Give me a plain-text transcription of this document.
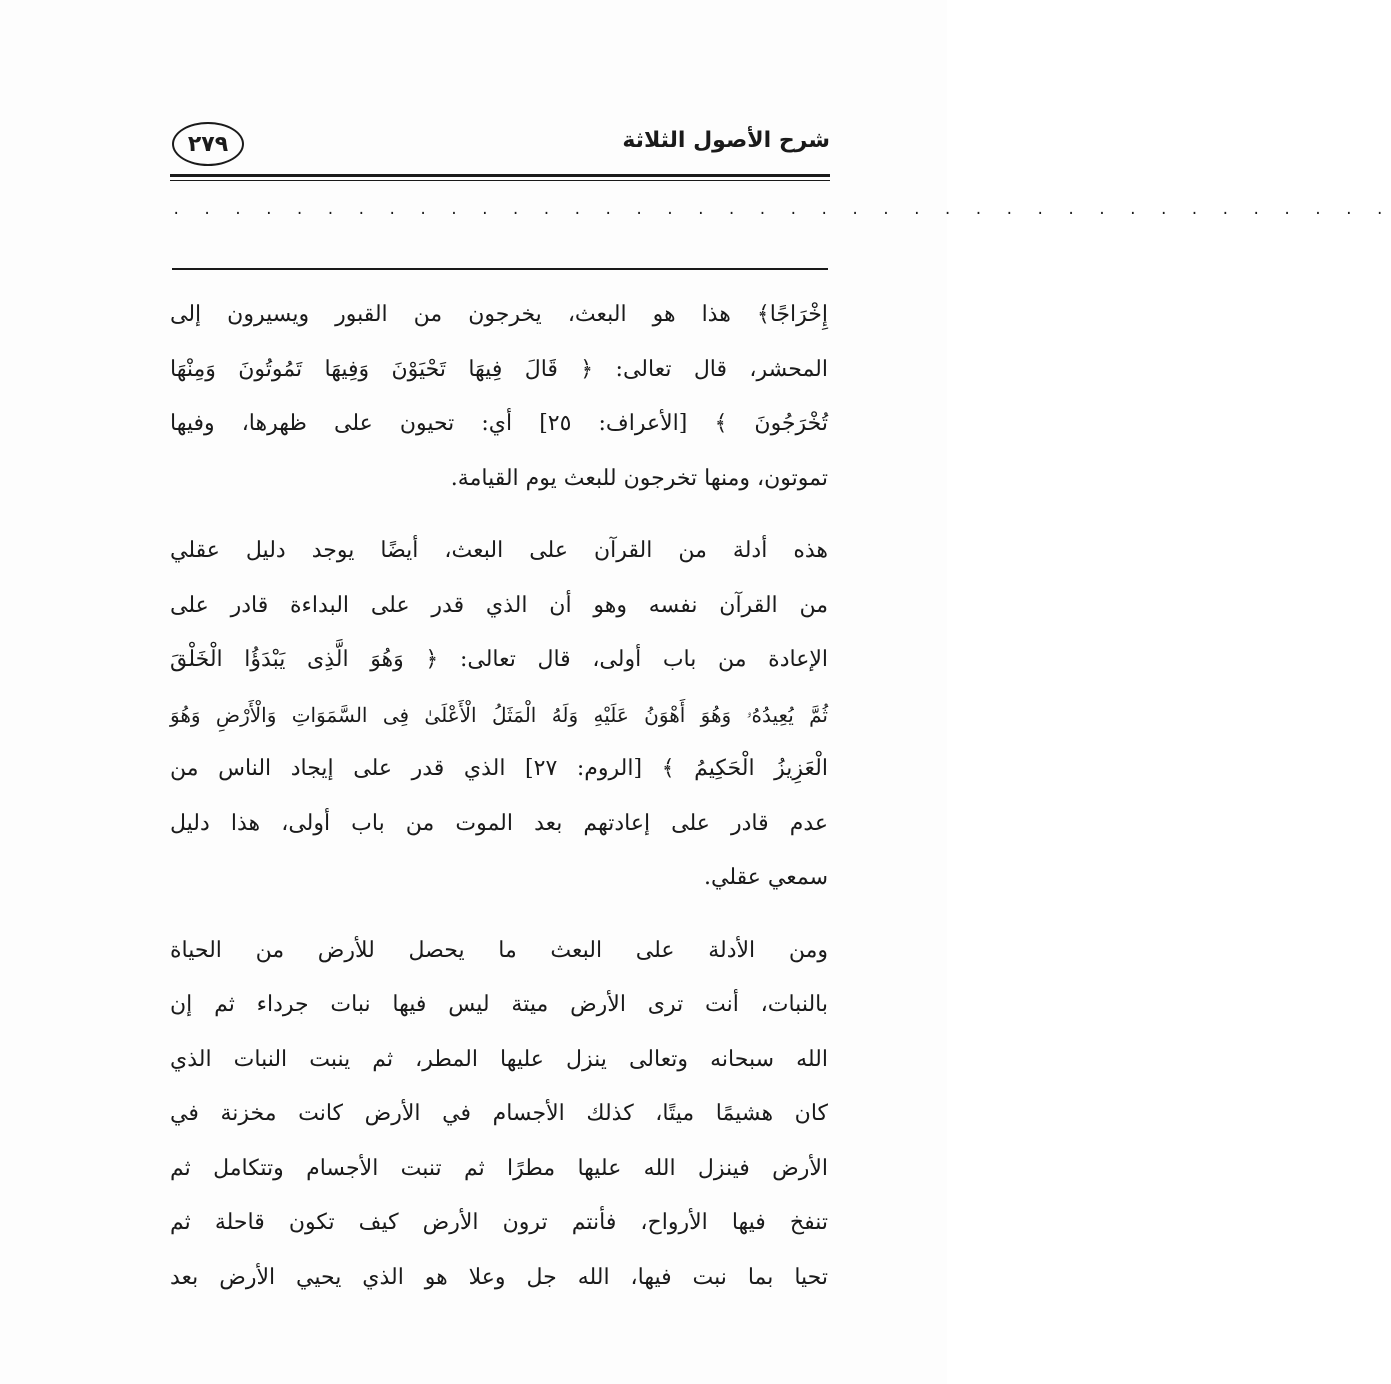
شرح الأصول الثلاثة
٢٧٩
. . . . . . . . . . . . . . . . . . . . . . . . . . . . . . . . . . . . . . . .
إِخْرَاجًا﴾ هذا هو البعث، يخرجون من القبور ويسيرون إلى
المحشر، قال تعالى: ﴿ قَالَ فِيهَا تَحْيَوْنَ وَفِيهَا تَمُوتُونَ وَمِنْهَا
تُخْرَجُونَ ﴾ [الأعراف: ٢٥] أي: تحيون على ظهرها، وفيها
تموتون، ومنها تخرجون للبعث يوم القيامة.
هذه أدلة من القرآن على البعث، أيضًا يوجد دليل عقلي
من القرآن نفسه وهو أن الذي قدر على البداءة قادر على
الإعادة من باب أولى، قال تعالى: ﴿ وَهُوَ الَّذِى يَبْدَؤُا الْخَلْقَ
ثُمَّ يُعِيدُهُۥ وَهُوَ أَهْوَنُ عَلَيْهِ وَلَهُ الْمَثَلُ الْأَعْلَىٰ فِى السَّمَوَاتِ وَالْأَرْضِ وَهُوَ
الْعَزِيزُ الْحَكِيمُ ﴾ [الروم: ٢٧] الذي قدر على إيجاد الناس من
عدم قادر على إعادتهم بعد الموت من باب أولى، هذا دليل
سمعي عقلي.
ومن الأدلة على البعث ما يحصل للأرض من الحياة
بالنبات، أنت ترى الأرض ميتة ليس فيها نبات جرداء ثم إن
الله سبحانه وتعالى ينزل عليها المطر، ثم ينبت النبات الذي
كان هشيمًا ميتًا، كذلك الأجسام في الأرض كانت مخزنة في
الأرض فينزل الله عليها مطرًا ثم تنبت الأجسام وتتكامل ثم
تنفخ فيها الأرواح، فأنتم ترون الأرض كيف تكون قاحلة ثم
تحيا بما نبت فيها، الله جل وعلا هو الذي يحيي الأرض بعد
